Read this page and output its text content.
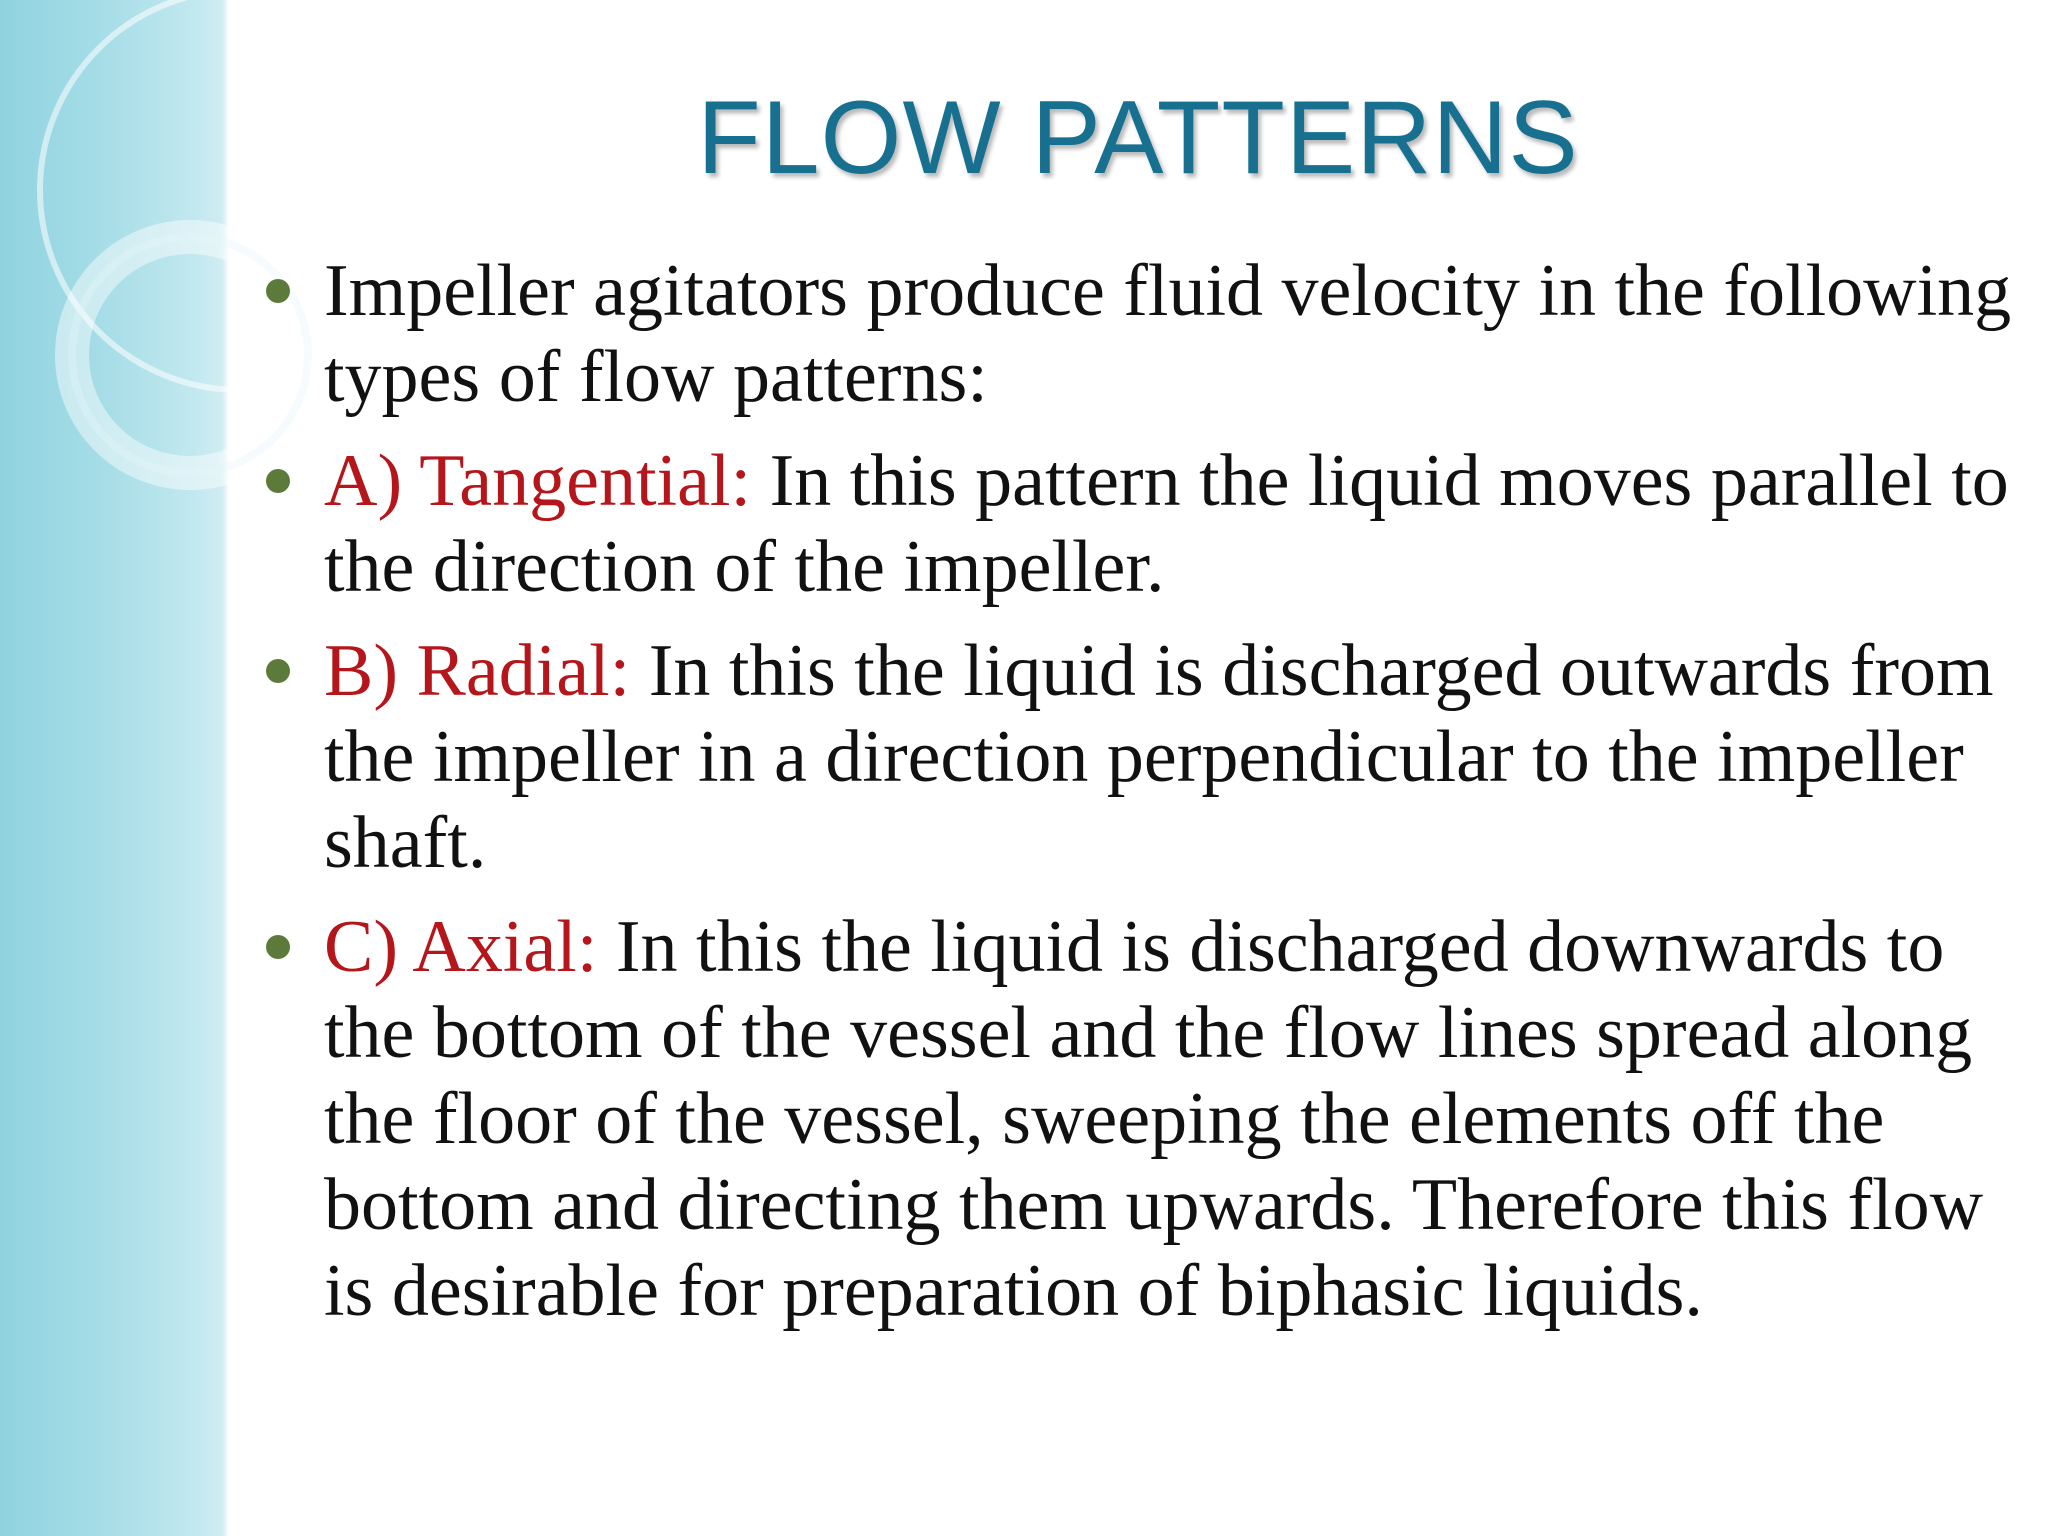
FLOW PATTERNS
Impeller agitators produce fluid velocity in the following types of flow patterns:
A) Tangential: In this pattern the liquid moves parallel to the direction of the impeller.
B) Radial: In this the liquid is discharged outwards from the impeller in a direction perpendicular to the impeller shaft.
C) Axial: In this the liquid is discharged downwards to the bottom of the vessel and the flow lines spread along the floor of the vessel, sweeping the elements off the bottom and directing them upwards. Therefore this flow is desirable for preparation of biphasic liquids.
